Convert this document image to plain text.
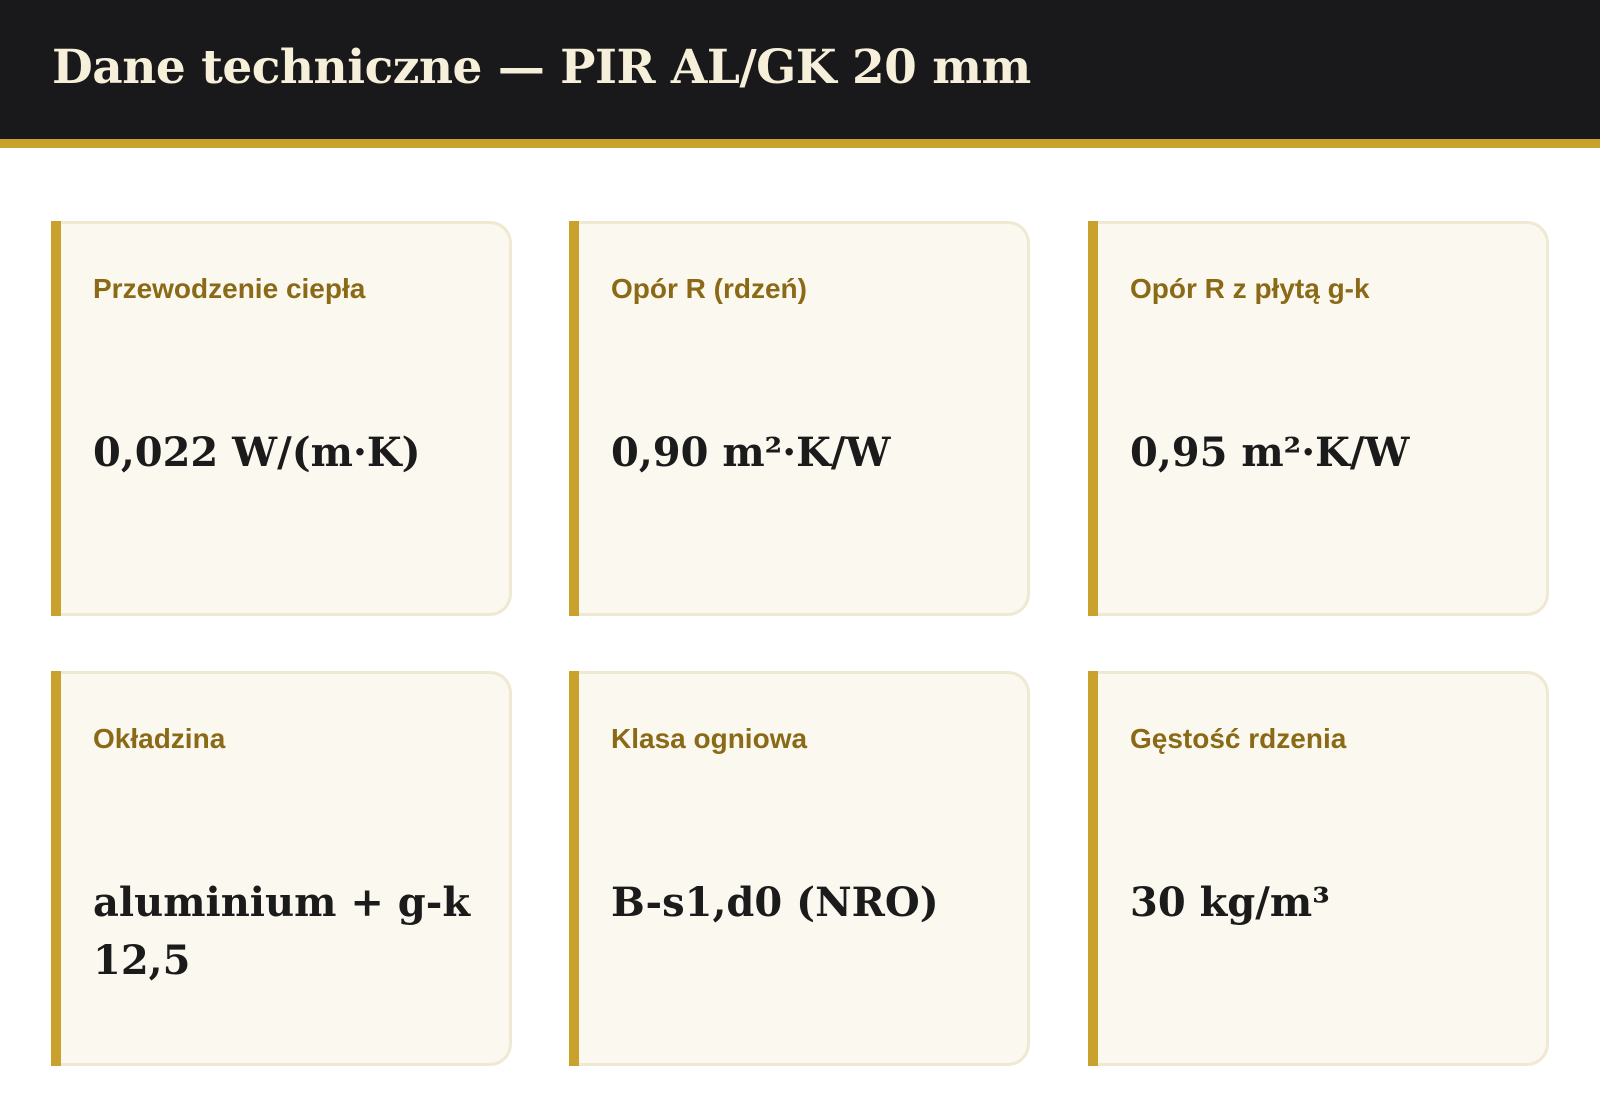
Dane techniczne — PIR AL/GK 20 mm
Przewodzenie ciepła
0,022 W/(m·K)
Opór R (rdzeń)
0,90 m²·K/W
Opór R z płytą g-k
0,95 m²·K/W
Okładzina
aluminium + g-k 12,5
Klasa ogniowa
B-s1,d0 (NRO)
Gęstość rdzenia
30 kg/m³
